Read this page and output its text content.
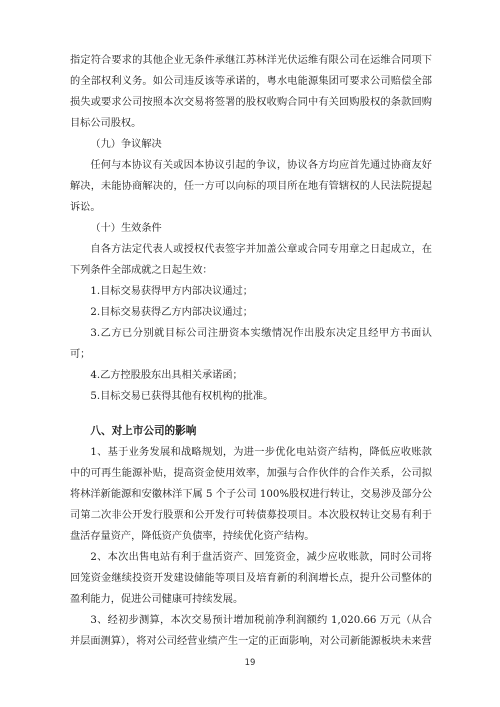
指定符合要求的其他企业无条件承继江苏林洋光伏运维有限公司在运维合同项下的全部权利义务。如公司违反该等承诺的，粤水电能源集团可要求公司赔偿全部损失或要求公司按照本次交易将签署的股权收购合同中有关回购股权的条款回购目标公司股权。

（九）争议解决

任何与本协议有关或因本协议引起的争议，协议各方均应首先通过协商友好解决，未能协商解决的，任一方可以向标的项目所在地有管辖权的人民法院提起诉讼。

（十）生效条件

自各方法定代表人或授权代表签字并加盖公章或合同专用章之日起成立，在下列条件全部成就之日起生效：

1.目标交易获得甲方内部决议通过；

2.目标交易获得乙方内部决议通过；

3.乙方已分别就目标公司注册资本实缴情况作出股东决定且经甲方书面认可；

4.乙方控股股东出具相关承诺函；

5.目标交易已获得其他有权机构的批准。

八、对上市公司的影响

1、基于业务发展和战略规划，为进一步优化电站资产结构，降低应收账款中的可再生能源补贴，提高资金使用效率，加强与合作伙伴的合作关系，公司拟将林洋新能源和安徽林洋下属 5 个子公司 100%股权进行转让，交易涉及部分公司第二次非公开发行股票和公开发行可转债募投项目。本次股权转让交易有利于盘活存量资产，降低资产负债率，持续优化资产结构。

2、本次出售电站有利于盘活资产、回笼资金，减少应收账款，同时公司将回笼资金继续投资开发建设储能等项目及培育新的利润增长点，提升公司整体的盈利能力，促进公司健康可持续发展。

3、经初步测算，本次交易预计增加税前净利润额约 1,020.66 万元（从合并层面测算），将对公司经营业绩产生一定的正面影响，对公司新能源板块未来营

19
